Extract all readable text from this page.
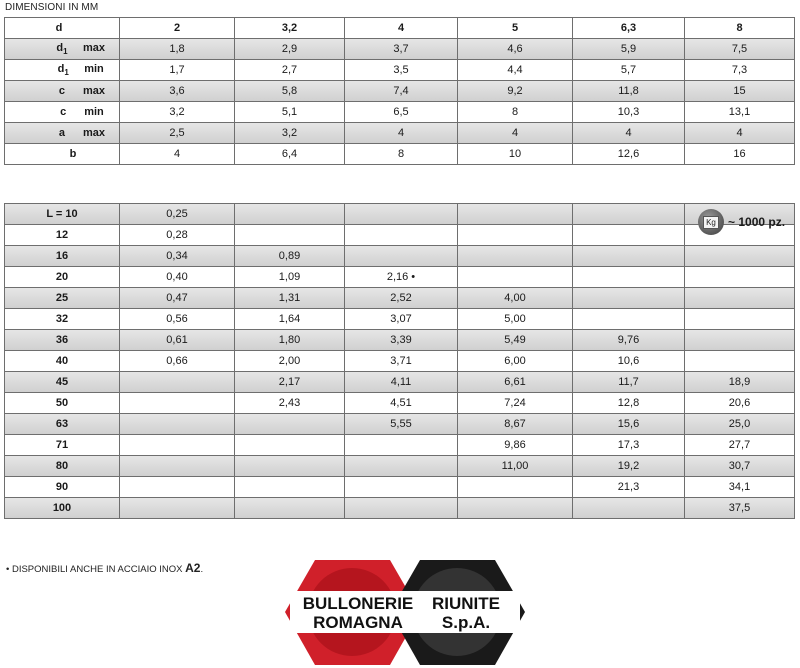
DIMENSIONI IN MM
d	2	3,2	4	5	6,3	8
$d_1$ max	1,8	2,9	3,7	4,6	5,9	7,5
$d_1$ min	1,7	2,7	3,5	4,4	5,7	7,3
c max	3,6	5,8	7,4	9,2	11,8	15
c min	3,2	5,1	6,5	8	10,3	13,1
a max	2,5	3,2	4	4	4	4
b	4	6,4	8	10	12,6	16
L = 10	0,25					
12	0,28					
16	0,34	0,89				
20	0,40	1,09	2,16 •			
25	0,47	1,31	2,52	4,00		
32	0,56	1,64	3,07	5,00		
36	0,61	1,80	3,39	5,49	9,76	
40	0,66	2,00	3,71	6,00	10,6	
45		2,17	4,11	6,61	11,7	18,9
50		2,43	4,51	7,24	12,8	20,6
63			5,55	8,67	15,6	25,0
71				9,86	17,3	27,7
80				11,00	19,2	30,7
90					21,3	34,1
100						37,5
Kg ~ 1000 pz.
• DISPONIBILI ANCHE IN ACCIAIO INOX A2.
BULLONERIE RIUNITE
ROMAGNA S.p.A.
